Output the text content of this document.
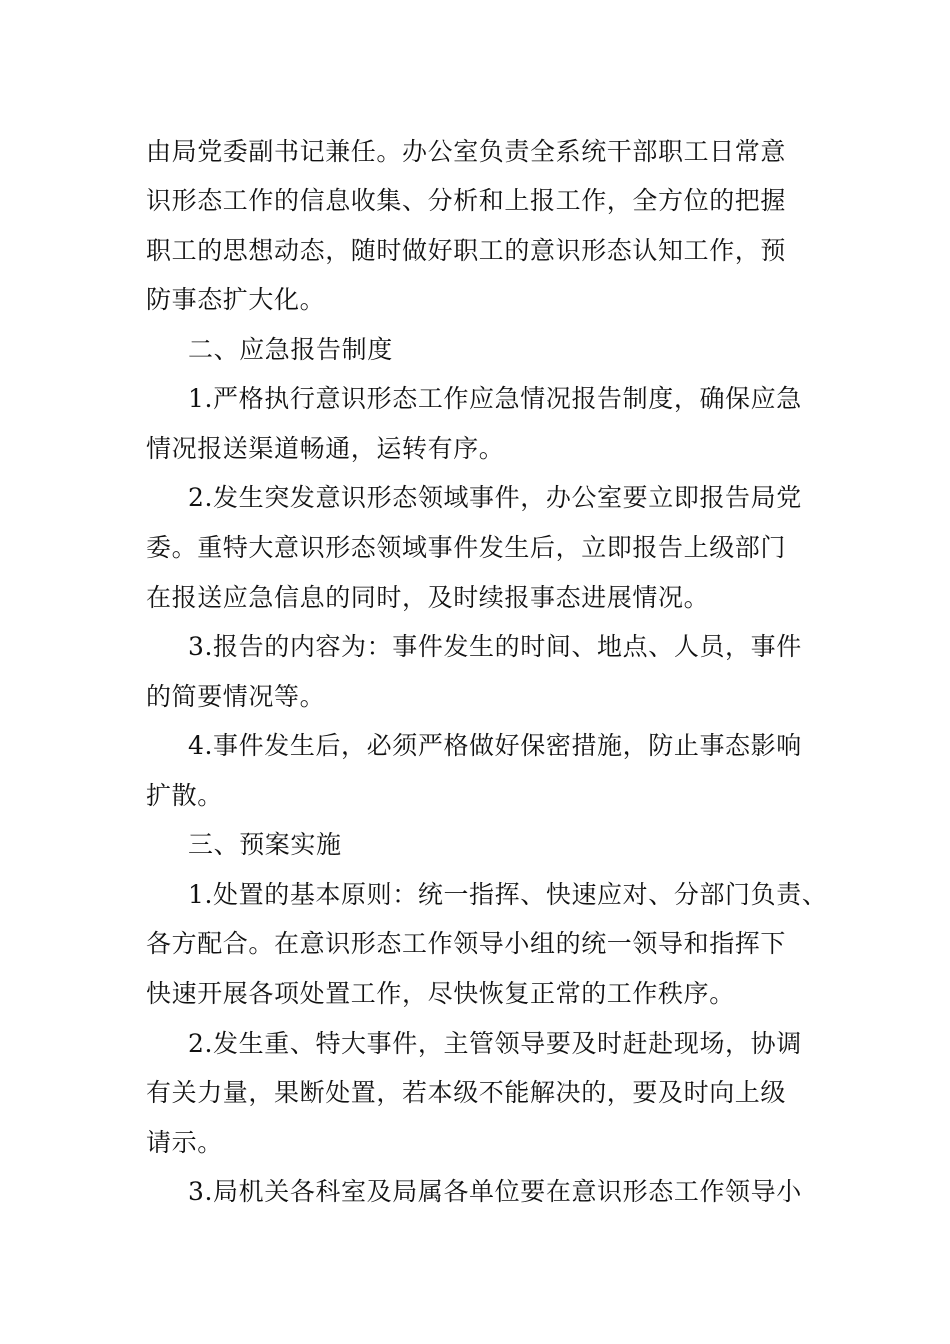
由局党委副书记兼任。办公室负责全系统干部职工日常意
识形态工作的信息收集、分析和上报工作，全方位的把握
职工的思想动态，随时做好职工的意识形态认知工作，预
防事态扩大化。
二、应急报告制度
1.严格执行意识形态工作应急情况报告制度，确保应急
情况报送渠道畅通，运转有序。
2.发生突发意识形态领域事件，办公室要立即报告局党
委。重特大意识形态领域事件发生后，立即报告上级部门
在报送应急信息的同时，及时续报事态进展情况。
3.报告的内容为：事件发生的时间、地点、人员，事件
的简要情况等。
4.事件发生后，必须严格做好保密措施，防止事态影响
扩散。
三、预案实施
1.处置的基本原则：统一指挥、快速应对、分部门负责、
各方配合。在意识形态工作领导小组的统一领导和指挥下
快速开展各项处置工作，尽快恢复正常的工作秩序。
2.发生重、特大事件，主管领导要及时赶赴现场，协调
有关力量，果断处置，若本级不能解决的，要及时向上级
请示。
3.局机关各科室及局属各单位要在意识形态工作领导小
